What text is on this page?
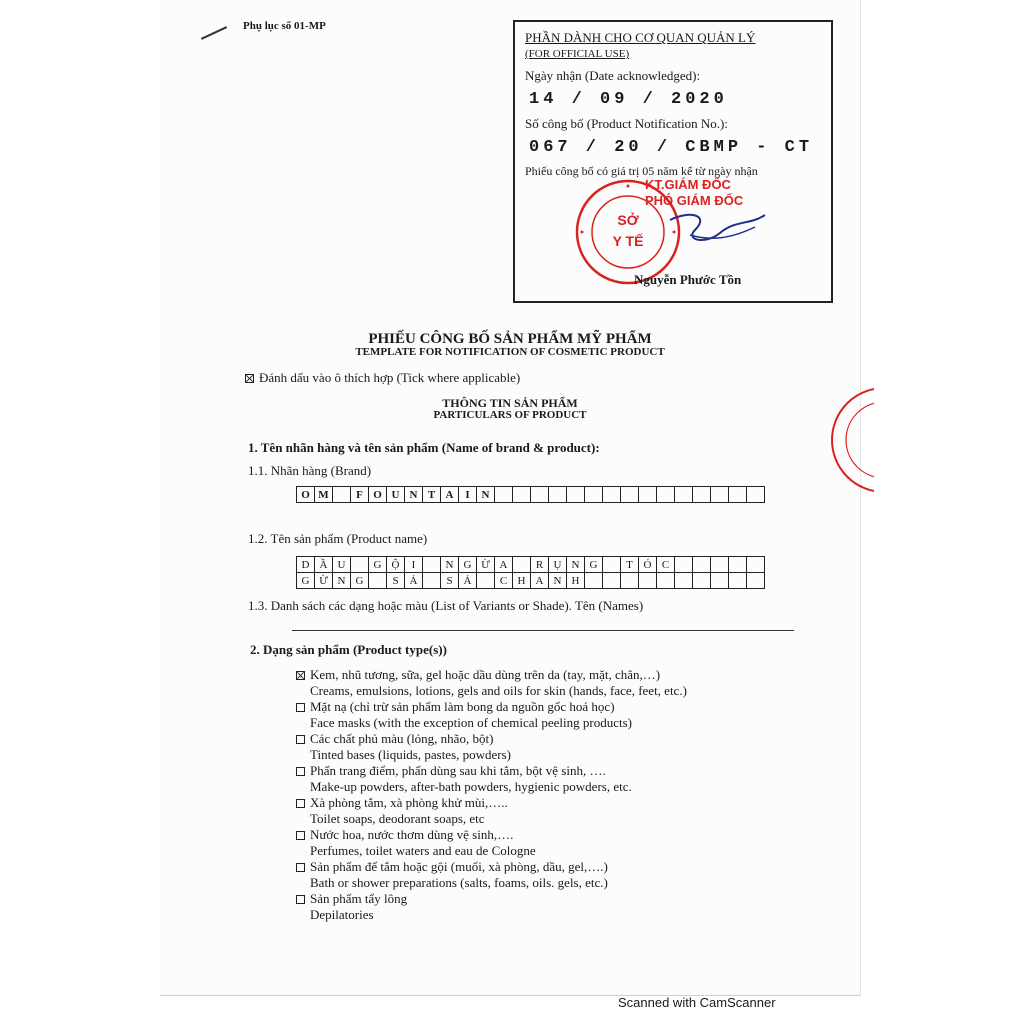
Phụ lục số 01-MP
PHẦN DÀNH CHO CƠ QUAN QUẢN LÝ
(FOR OFFICIAL USE)
Ngày nhận (Date acknowledged):
14 / 09 / 2020
Số công bố (Product Notification No.):
067 / 20 / CBMP - CT
Phiếu công bố có giá trị 05 năm kể từ ngày nhận
SỞ
Y TẾ
KT.GIÁM ĐỐC
PHÓ GIÁM ĐỐC
Nguyễn Phước Tồn
PHIẾU CÔNG BỐ SẢN PHẨM MỸ PHẨM
TEMPLATE FOR NOTIFICATION OF COSMETIC PRODUCT
Đánh dấu vào ô thích hợp (Tick where applicable)
THÔNG TIN SẢN PHẨM
PARTICULARS OF PRODUCT
1. Tên nhãn hàng và tên sản phẩm (Name of brand & product):
1.1. Nhãn hàng (Brand)
O M	F O U N T A	I	N
1.2. Tên sản phẩm (Product name)
D Ầ U	G Ộ	I	N G Ừ A	R Ụ N G	T Ó C
G Ừ N G	S Ả	S Ả	C H A N H
1.3. Danh sách các dạng hoặc màu (List of Variants or Shade). Tên (Names)
2. Dạng sản phẩm (Product type(s))
Kem, nhũ tương, sữa, gel hoặc dầu dùng trên da (tay, mặt, chân,…)
Creams, emulsions, lotions, gels and oils for skin (hands, face, feet, etc.)
Mặt nạ (chỉ trừ sản phẩm làm bong da nguồn gốc hoá học)
Face masks (with the exception of chemical peeling products)
Các chất phủ màu (lỏng, nhão, bột)
Tinted bases (liquids, pastes, powders)
Phấn trang điểm, phấn dùng sau khi tắm, bột vệ sinh, ….
Make-up powders, after-bath powders, hygienic powders, etc.
Xà phòng tắm, xà phòng khử mùi,…..
Toilet soaps, deodorant soaps, etc
Nước hoa, nước thơm dùng vệ sinh,….
Perfumes, toilet waters and eau de Cologne
Sản phẩm để tắm hoặc gội (muối, xà phòng, dầu, gel,….)
Bath or shower preparations (salts, foams, oils. gels, etc.)
Sản phẩm tẩy lông
Depilatories
Scanned with CamScanner
